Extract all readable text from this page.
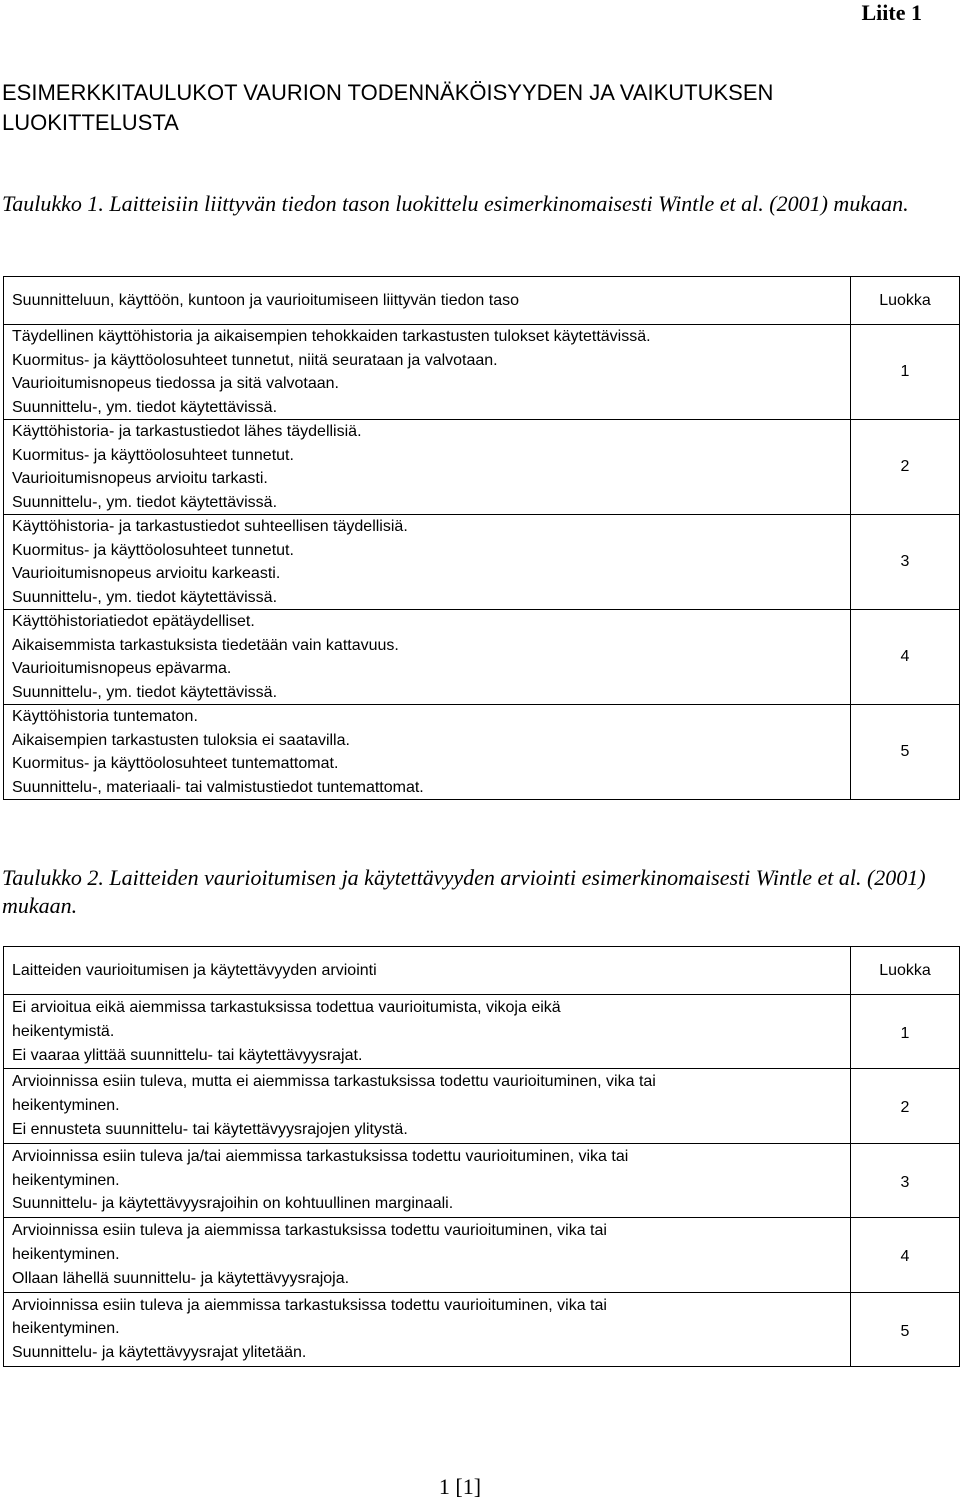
Liite 1
ESIMERKKITAULUKOT VAURION TODENNÄKÖISYYDEN JA VAIKUTUKSEN LUOKITTELUSTA
Taulukko 1. Laitteisiin liittyvän tiedon tason luokittelu esimerkinomaisesti Wintle et al. (2001) mukaan.
Suunnitteluun, käyttöön, kuntoon ja vaurioitumiseen liittyvän tiedon taso	Luokka

Täydellinen käyttöhistoria ja aikaisempien tehokkaiden tarkastusten tulokset käytettävissä.
Kuormitus- ja käyttöolosuhteet tunnetut, niitä seurataan ja valvotaan.
Vaurioitumisnopeus tiedossa ja sitä valvotaan.
Suunnittelu-, ym. tiedot käytettävissä.	1

Käyttöhistoria- ja tarkastustiedot lähes täydellisiä.
Kuormitus- ja käyttöolosuhteet tunnetut.
Vaurioitumisnopeus arvioitu tarkasti.
Suunnittelu-, ym. tiedot käytettävissä.	2

Käyttöhistoria- ja tarkastustiedot suhteellisen täydellisiä.
Kuormitus- ja käyttöolosuhteet tunnetut.
Vaurioitumisnopeus arvioitu karkeasti.
Suunnittelu-, ym. tiedot käytettävissä.	3

Käyttöhistoriatiedot epätäydelliset.
Aikaisemmista tarkastuksista tiedetään vain kattavuus.
Vaurioitumisnopeus epävarma.
Suunnittelu-, ym. tiedot käytettävissä.	4

Käyttöhistoria tuntematon.
Aikaisempien tarkastusten tuloksia ei saatavilla.
Kuormitus- ja käyttöolosuhteet tuntemattomat.
Suunnittelu-, materiaali- tai valmistustiedot tuntemattomat.	5
Taulukko 2. Laitteiden vaurioitumisen ja käytettävyyden arviointi esimerkinomaisesti Wintle et al. (2001) mukaan.
Laitteiden vaurioitumisen ja käytettävyyden arviointi	Luokka

Ei arvioitua eikä aiemmissa tarkastuksissa todettua vaurioitumista, vikoja eikä
heikentymistä.
Ei vaaraa ylittää suunnittelu- tai käytettävyysrajat.	1

Arvioinnissa esiin tuleva, mutta ei aiemmissa tarkastuksissa todettu vaurioituminen, vika tai
heikentyminen.
Ei ennusteta suunnittelu- tai käytettävyysrajojen ylitystä.	2

Arvioinnissa esiin tuleva ja/tai aiemmissa tarkastuksissa todettu vaurioituminen, vika tai
heikentyminen.
Suunnittelu- ja käytettävyysrajoihin on kohtuullinen marginaali.	3

Arvioinnissa esiin tuleva ja aiemmissa tarkastuksissa todettu vaurioituminen, vika tai
heikentyminen.
Ollaan lähellä suunnittelu- ja käytettävyysrajoja.	4

Arvioinnissa esiin tuleva ja aiemmissa tarkastuksissa todettu vaurioituminen, vika tai
heikentyminen.
Suunnittelu- ja käytettävyysrajat ylitetään.	5
1 [1]
